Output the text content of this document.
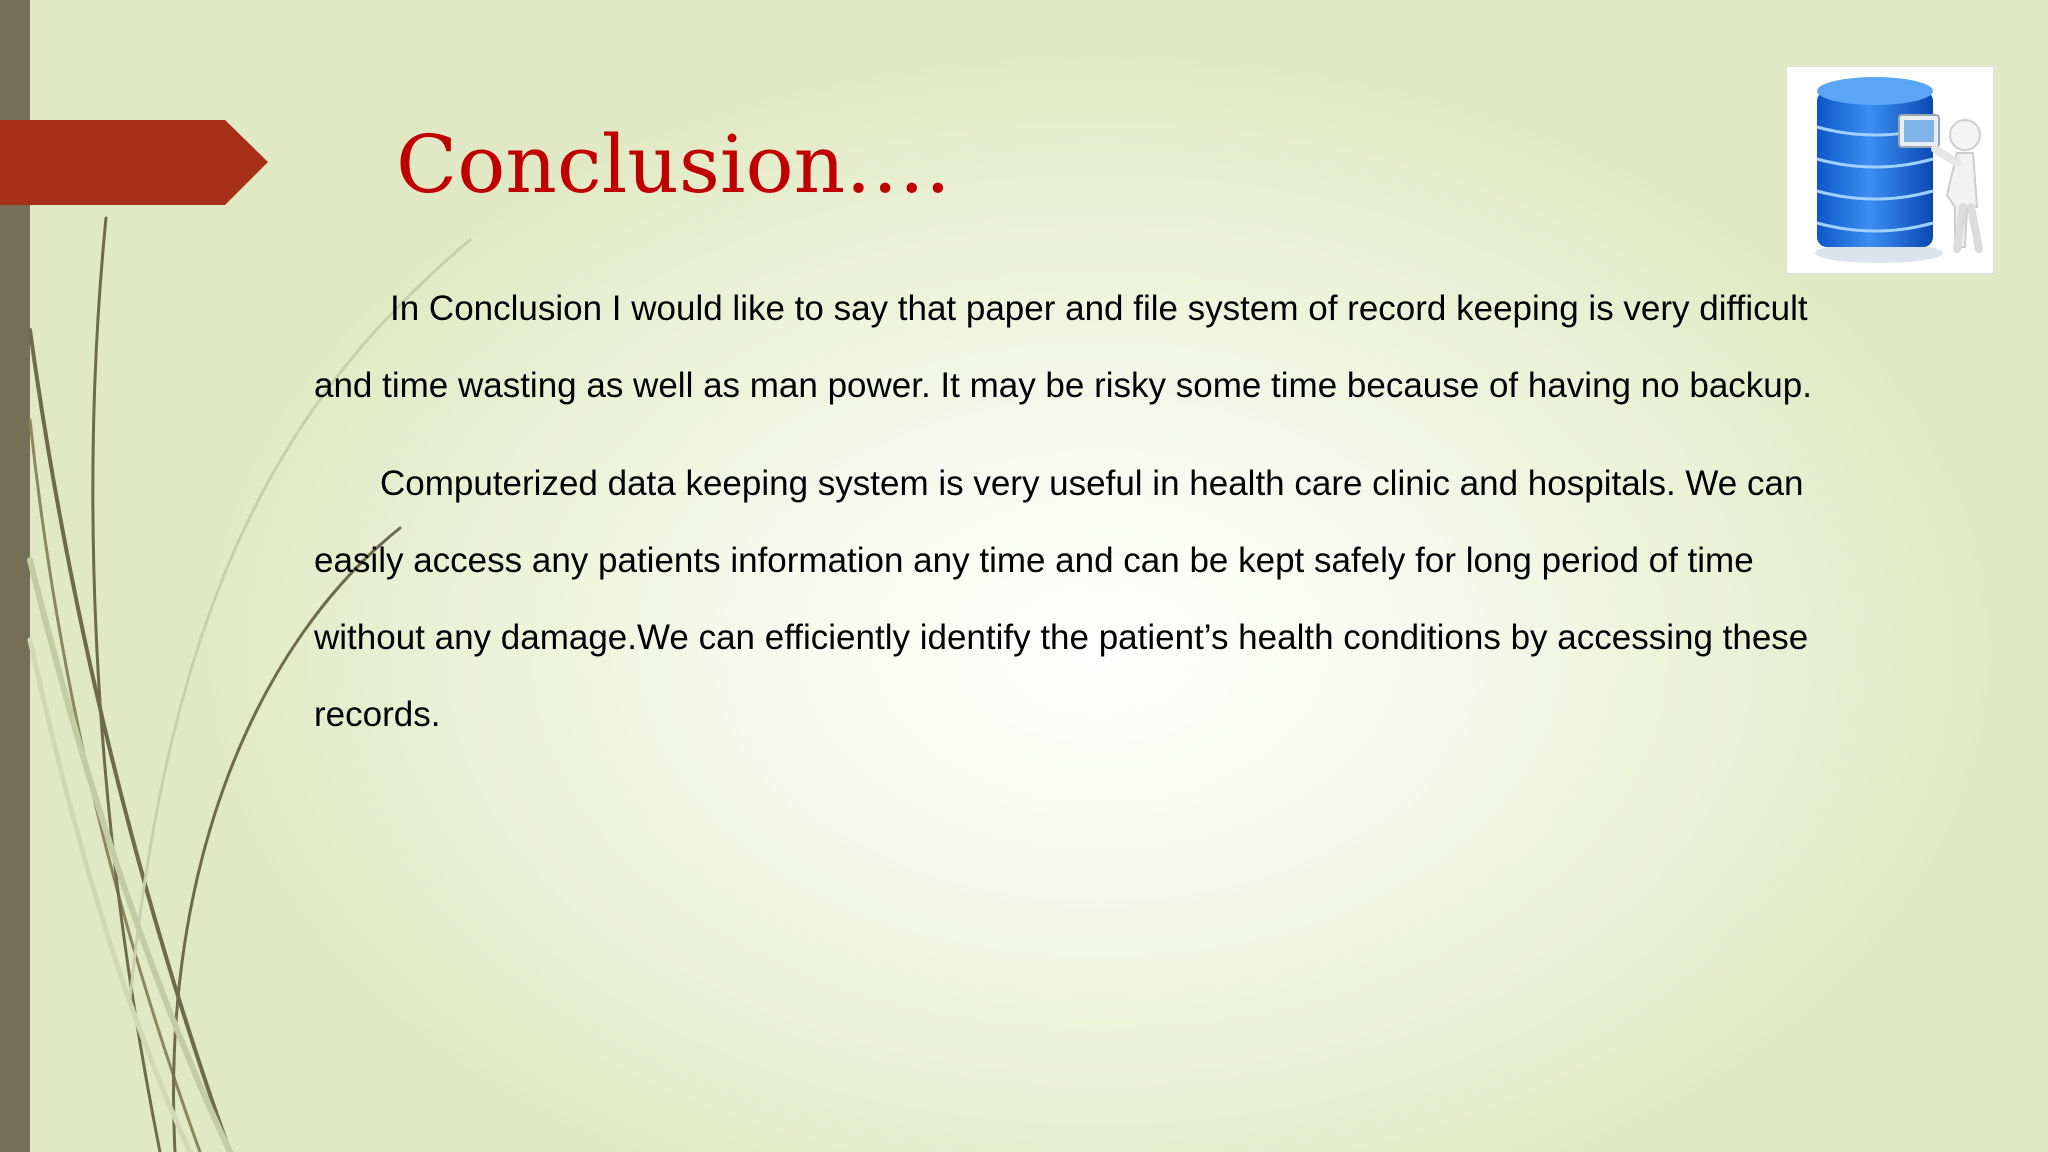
Conclusion….

In Conclusion I would like to say that paper and file system of record keeping is very difficult and time wasting as well as man power. It may be risky some time because of having no backup.

Computerized data keeping system is very useful in health care clinic and hospitals. We can easily access any patients information any time and can be kept safely for long period of time without any damage.We can efficiently identify the patient’s health conditions by accessing these records.
